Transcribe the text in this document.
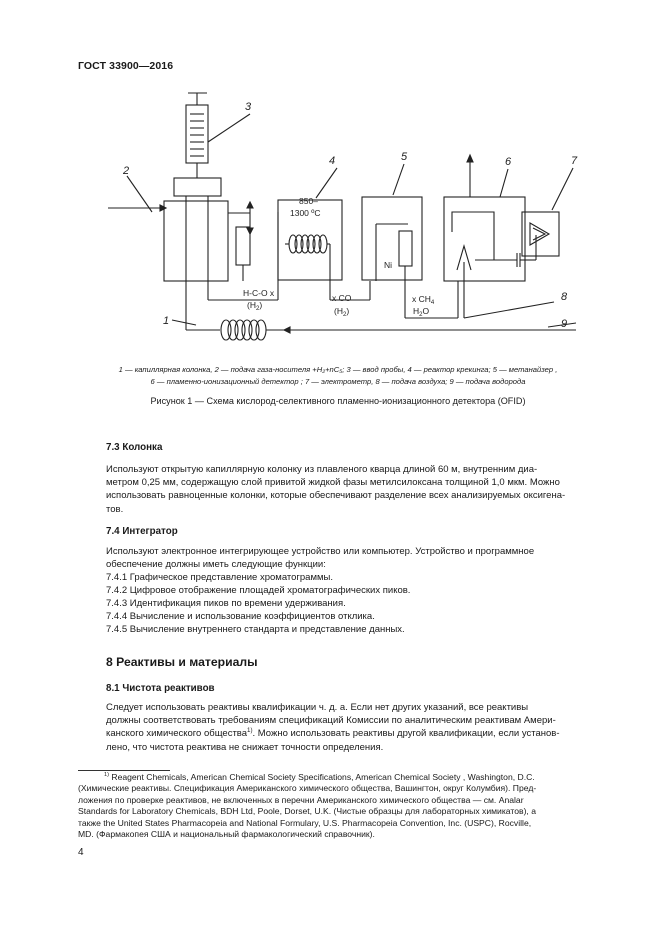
ГОСТ 33900—2016
3
2
1
4	5	6	7
8
9
850–
1300 ºC
Ni
H-C-O x
$(H_2)$
x CO
$(H_2)$
x $CH_4$
$H_2O$
1 — капиллярная колонка, 2 — подача газа-носителя +H₂+nC₅; 3 — ввод пробы, 4 — реактор крекинга; 5 — метанайзер ,
6 — пламенно-ионизационный детектор ; 7 — электрометр, 8 — подача воздуха; 9 — подача водорода
Рисунок 1 — Схема кислород-селективного пламенно-ионизационного детектора (OFID)
7.3 Колонка
Используют открытую капиллярную колонку из плавленого кварца длиной 60 м, внутренним диа-
метром 0,25 мм, содержащую слой привитой жидкой фазы метилсилоксана толщиной 1,0 мкм. Можно
использовать равноценные колонки, которые обеспечивают разделение всех анализируемых оксигена-
тов.
7.4 Интегратор
Используют электронное интегрирующее устройство или компьютер. Устройство и программное
обеспечение должны иметь следующие функции:
7.4.1 Графическое представление хроматограммы.
7.4.2 Цифровое отображение площадей хроматографических пиков.
7.4.3 Идентификация пиков по времени удерживания.
7.4.4 Вычисление и использование коэффициентов отклика.
7.4.5 Вычисление внутреннего стандарта и представление данных.
8 Реактивы и материалы
8.1 Чистота реактивов
Следует использовать реактивы квалификации ч. д. а. Если нет других указаний, все реактивы
должны соответствовать требованиям спецификаций Комиссии по аналитическим реактивам Амери-
канского химического общества$^{1)}$. Можно использовать реактивы другой квалификации, если установ-
лено, что чистота реактива не снижает точности определения.
$^{1)}$ Reagent Chemicals, American Chemical Society Specifications, American Chemical Society , Washington, D.C.
(Химические реактивы. Спецификация Американского химического общества, Вашингтон, округ Колумбия). Пред-
ложения по проверке реактивов, не включенных в перечни Американского химического общества — см. Analar
Standards for Laboratory Chemicals, BDH Ltd, Poole, Dorset, U.K. (Чистые образцы для лабораторных химикатов), а
также the United States Pharmacopeia and National Formulary, U.S. Pharmacopeia Convention, Inc. (USPC), Rocville,
MD. (Фармакопея США и национальный фармакологический справочник).
4
